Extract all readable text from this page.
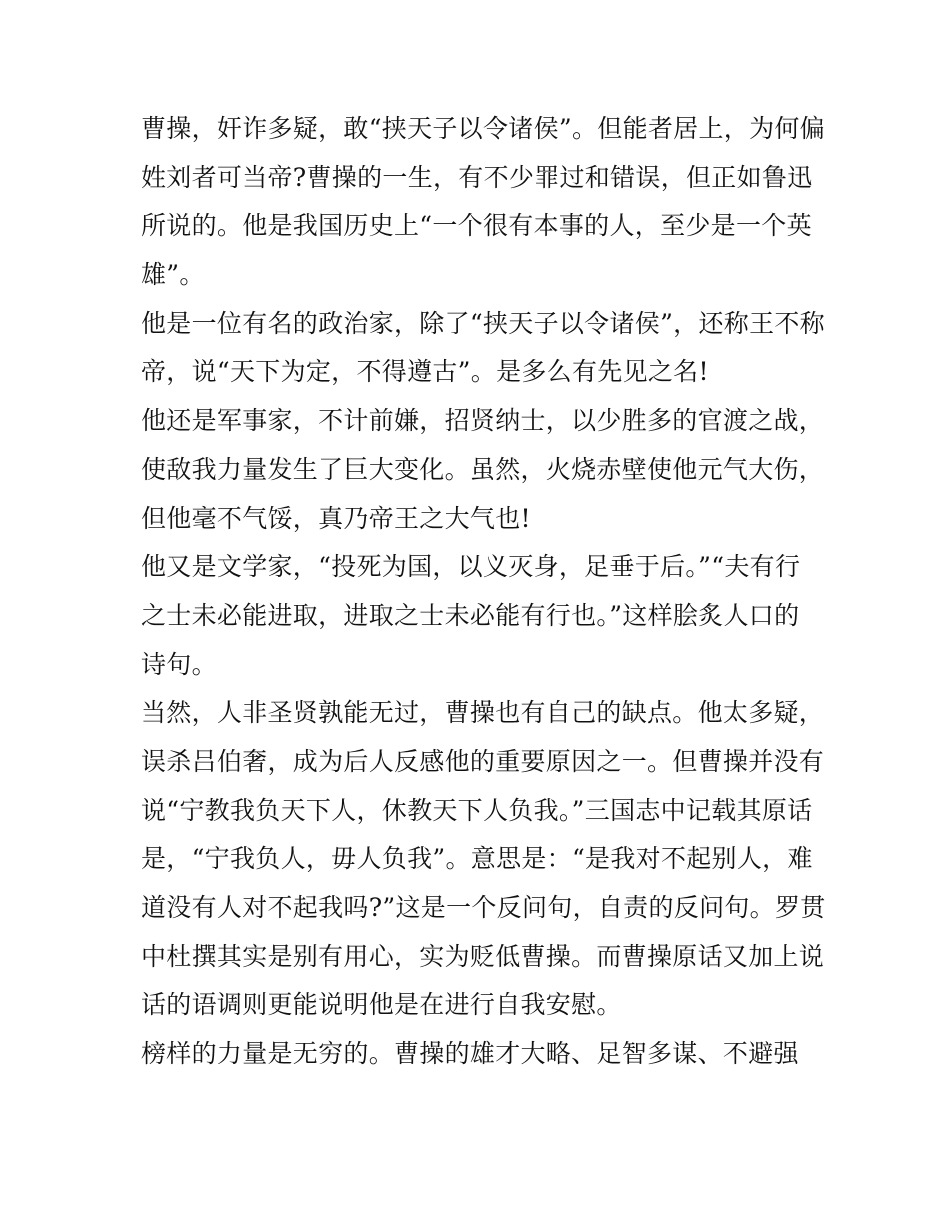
曹操，奸诈多疑，敢“挟天子以令诸侯”。但能者居上，为何偏
姓刘者可当帝?曹操的一生，有不少罪过和错误，但正如鲁迅
所说的。他是我国历史上“一个很有本事的人，至少是一个英
雄”。
他是一位有名的政治家，除了“挟天子以令诸侯”，还称王不称
帝，说“天下为定，不得遵古”。是多么有先见之名!
他还是军事家，不计前嫌，招贤纳士，以少胜多的官渡之战，
使敌我力量发生了巨大变化。虽然，火烧赤壁使他元气大伤，
但他毫不气馁，真乃帝王之大气也!
他又是文学家，“投死为国，以义灭身，足垂于后。”“夫有行
之士未必能进取，进取之士未必能有行也。”这样脍炙人口的
诗句。
当然，人非圣贤孰能无过，曹操也有自己的缺点。他太多疑，
误杀吕伯奢，成为后人反感他的重要原因之一。但曹操并没有
说“宁教我负天下人，休教天下人负我。”三国志中记载其原话
是，“宁我负人，毋人负我”。意思是：“是我对不起别人，难
道没有人对不起我吗?”这是一个反问句，自责的反问句。罗贯
中杜撰其实是别有用心，实为贬低曹操。而曹操原话又加上说
话的语调则更能说明他是在进行自我安慰。
榜样的力量是无穷的。曹操的雄才大略、足智多谋、不避强
